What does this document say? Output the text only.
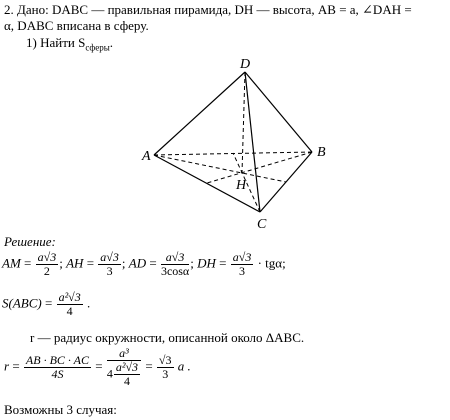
2. Дано: DABC — правильная пирамида, DH — высота, AB = a, ∠DAH =
α, DABC вписана в сферу.
1) Найти $S_{сферы}$.
D
A	B
H
C
Решение:
AM = $\frac{a√3}{2}$ ; AH = $\frac{a√3}{3}$ ; AD = $\frac{a√3}{3\cos\alpha}$ ; DH = $\frac{a√3}{3} \cdot tg\alpha$;
$S(ABC) = \frac{\text{a²√3}}{4}$ .
r — радиус окружности, описанной около ΔABC.
$r = \frac{AB \cdot BC \cdot AC}{4S} = \frac{\text{a³}}{4 \frac{\text{a²√3}}{4}} = \frac{√3}{3}$ a .
Возможны 3 случая:
